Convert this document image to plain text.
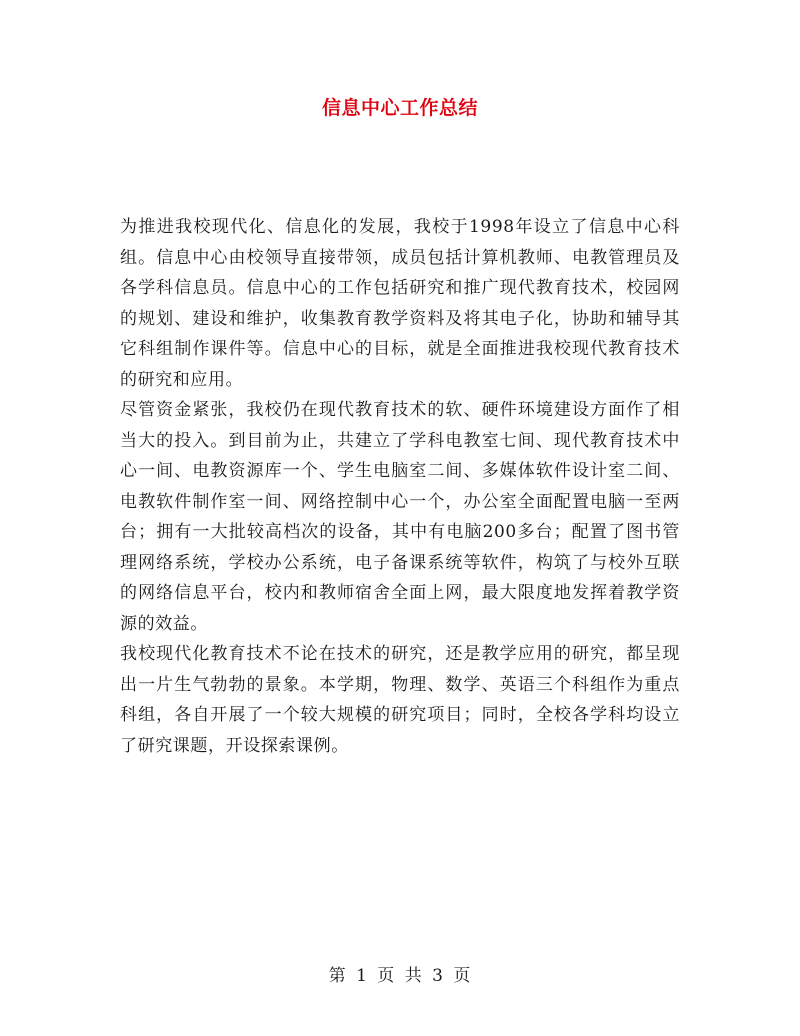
信息中心工作总结

为推进我校现代化、信息化的发展，我校于1998年设立了信息中心科组。信息中心由校领导直接带领，成员包括计算机教师、电教管理员及各学科信息员。信息中心的工作包括研究和推广现代教育技术，校园网的规划、建设和维护，收集教育教学资料及将其电子化，协助和辅导其它科组制作课件等。信息中心的目标，就是全面推进我校现代教育技术的研究和应用。

尽管资金紧张，我校仍在现代教育技术的软、硬件环境建设方面作了相当大的投入。到目前为止，共建立了学科电教室七间、现代教育技术中心一间、电教资源库一个、学生电脑室二间、多媒体软件设计室二间、电教软件制作室一间、网络控制中心一个，办公室全面配置电脑一至两台；拥有一大批较高档次的设备，其中有电脑200多台；配置了图书管理网络系统，学校办公系统，电子备课系统等软件，构筑了与校外互联的网络信息平台，校内和教师宿舍全面上网，最大限度地发挥着教学资源的效益。

我校现代化教育技术不论在技术的研究，还是教学应用的研究，都呈现出一片生气勃勃的景象。本学期，物理、数学、英语三个科组作为重点科组，各自开展了一个较大规模的研究项目；同时，全校各学科均设立了研究课题，开设探索课例。

第 1 页 共 3 页
